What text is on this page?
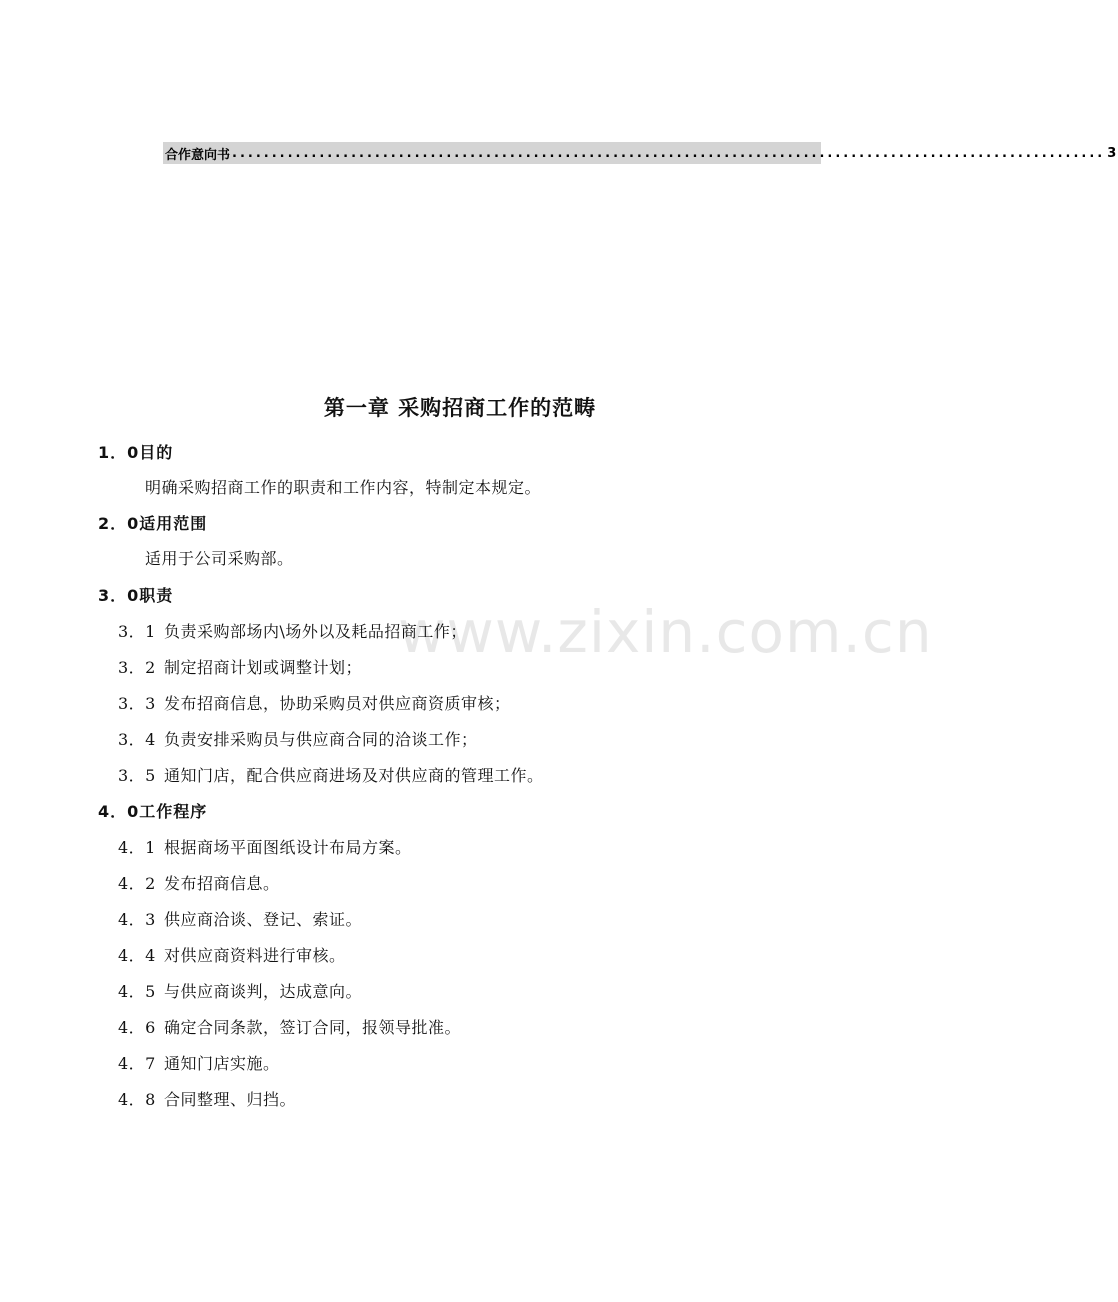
合作意向书 .............................................................................................................. 3
www.zixin.com.cn
第一章 采购招商工作的范畴
1．0目的
明确采购招商工作的职责和工作内容，特制定本规定。
2．0适用范围
适用于公司采购部。
3．0职责
3．1 负责采购部场内\场外以及耗品招商工作；
3．2 制定招商计划或调整计划；
3．3 发布招商信息，协助采购员对供应商资质审核；
3．4 负责安排采购员与供应商合同的洽谈工作；
3．5 通知门店，配合供应商进场及对供应商的管理工作。
4．0工作程序
4．1 根据商场平面图纸设计布局方案。
4．2 发布招商信息。
4．3 供应商洽谈、登记、索证。
4．4 对供应商资料进行审核。
4．5 与供应商谈判，达成意向。
4．6 确定合同条款，签订合同，报领导批准。
4．7 通知门店实施。
4．8 合同整理、归挡。
